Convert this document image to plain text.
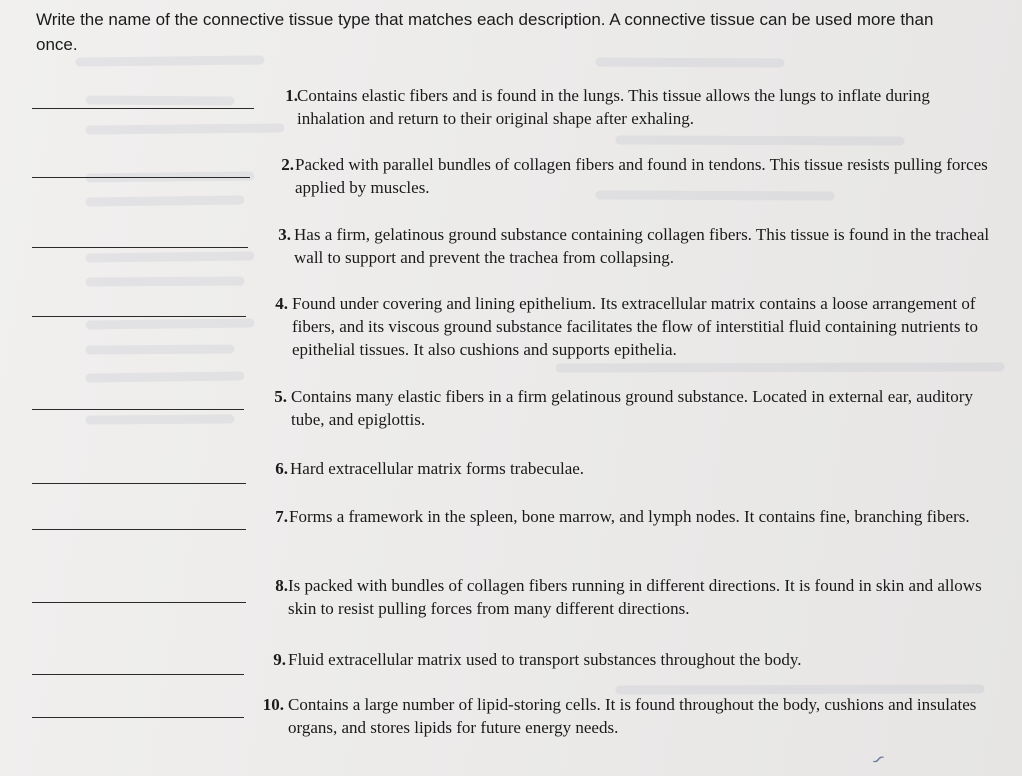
Write the name of the connective tissue type that matches each description. A connective tissue can be used more than once.
1. Contains elastic fibers and is found in the lungs. This tissue allows the lungs to inflate during inhalation and return to their original shape after exhaling.
2. Packed with parallel bundles of collagen fibers and found in tendons. This tissue resists pulling forces applied by muscles.
3. Has a firm, gelatinous ground substance containing collagen fibers. This tissue is found in the tracheal wall to support and prevent the trachea from collapsing.
4. Found under covering and lining epithelium. Its extracellular matrix contains a loose arrangement of fibers, and its viscous ground substance facilitates the flow of interstitial fluid containing nutrients to epithelial tissues. It also cushions and supports epithelia.
5. Contains many elastic fibers in a firm gelatinous ground substance. Located in external ear, auditory tube, and epiglottis.
6. Hard extracellular matrix forms trabeculae.
7. Forms a framework in the spleen, bone marrow, and lymph nodes. It contains fine, branching fibers.
8. Is packed with bundles of collagen fibers running in different directions. It is found in skin and allows skin to resist pulling forces from many different directions.
9. Fluid extracellular matrix used to transport substances throughout the body.
10. Contains a large number of lipid-storing cells. It is found throughout the body, cushions and insulates organs, and stores lipids for future energy needs.
∽
